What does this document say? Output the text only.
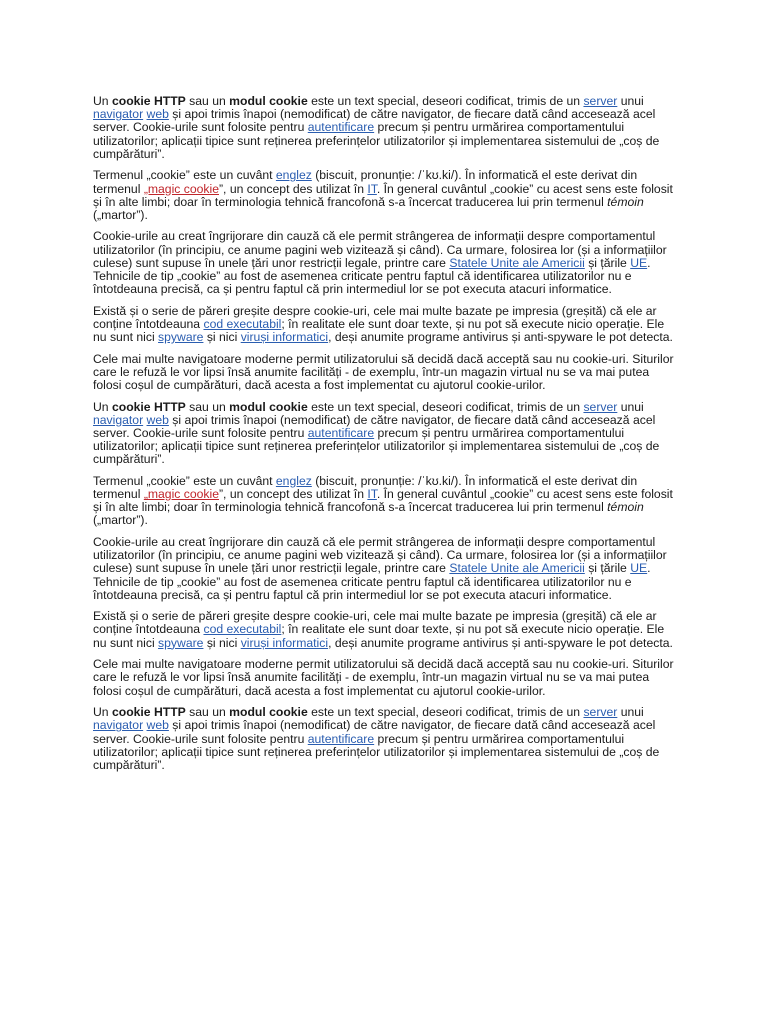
Un cookie HTTP sau un modul cookie este un text special, deseori codificat, trimis de un server unui navigator web și apoi trimis înapoi (nemodificat) de către navigator, de fiecare dată când accesează acel server. Cookie-urile sunt folosite pentru autentificare precum și pentru urmărirea comportamentului utilizatorilor; aplicații tipice sunt reținerea preferințelor utilizatorilor și implementarea sistemului de „coș de cumpărături”.

Termenul „cookie” este un cuvânt englez (biscuit, pronunție: /ˈkʊ.ki/). În informatică el este derivat din termenul „magic cookie”, un concept des utilizat în IT. În general cuvântul „cookie” cu acest sens este folosit și în alte limbi; doar în terminologia tehnică francofonă s-a încercat traducerea lui prin termenul témoin („martor”).

Cookie-urile au creat îngrijorare din cauză că ele permit strângerea de informații despre comportamentul utilizatorilor (în principiu, ce anume pagini web vizitează și când). Ca urmare, folosirea lor (și a informațiilor culese) sunt supuse în unele țări unor restricții legale, printre care Statele Unite ale Americii și țările UE. Tehnicile de tip „cookie” au fost de asemenea criticate pentru faptul că identificarea utilizatorilor nu e întotdeauna precisă, ca și pentru faptul că prin intermediul lor se pot executa atacuri informatice.

Există și o serie de păreri greșite despre cookie-uri, cele mai multe bazate pe impresia (greșită) că ele ar conține întotdeauna cod executabil; în realitate ele sunt doar texte, și nu pot să execute nicio operație. Ele nu sunt nici spyware și nici viruși informatici, deși anumite programe antivirus și anti-spyware le pot detecta.

Cele mai multe navigatoare moderne permit utilizatorului să decidă dacă acceptă sau nu cookie-uri. Siturilor care le refuză le vor lipsi însă anumite facilități - de exemplu, într-un magazin virtual nu se va mai putea folosi coșul de cumpărături, dacă acesta a fost implementat cu ajutorul cookie-urilor.

Un cookie HTTP sau un modul cookie este un text special, deseori codificat, trimis de un server unui navigator web și apoi trimis înapoi (nemodificat) de către navigator, de fiecare dată când accesează acel server. Cookie-urile sunt folosite pentru autentificare precum și pentru urmărirea comportamentului utilizatorilor; aplicații tipice sunt reținerea preferințelor utilizatorilor și implementarea sistemului de „coș de cumpărături”.

Termenul „cookie” este un cuvânt englez (biscuit, pronunție: /ˈkʊ.ki/). În informatică el este derivat din termenul „magic cookie”, un concept des utilizat în IT. În general cuvântul „cookie” cu acest sens este folosit și în alte limbi; doar în terminologia tehnică francofonă s-a încercat traducerea lui prin termenul témoin („martor”).

Cookie-urile au creat îngrijorare din cauză că ele permit strângerea de informații despre comportamentul utilizatorilor (în principiu, ce anume pagini web vizitează și când). Ca urmare, folosirea lor (și a informațiilor culese) sunt supuse în unele țări unor restricții legale, printre care Statele Unite ale Americii și țările UE. Tehnicile de tip „cookie” au fost de asemenea criticate pentru faptul că identificarea utilizatorilor nu e întotdeauna precisă, ca și pentru faptul că prin intermediul lor se pot executa atacuri informatice.

Există și o serie de păreri greșite despre cookie-uri, cele mai multe bazate pe impresia (greșită) că ele ar conține întotdeauna cod executabil; în realitate ele sunt doar texte, și nu pot să execute nicio operație. Ele nu sunt nici spyware și nici viruși informatici, deși anumite programe antivirus și anti-spyware le pot detecta.

Cele mai multe navigatoare moderne permit utilizatorului să decidă dacă acceptă sau nu cookie-uri. Siturilor care le refuză le vor lipsi însă anumite facilități - de exemplu, într-un magazin virtual nu se va mai putea folosi coșul de cumpărături, dacă acesta a fost implementat cu ajutorul cookie-urilor.

Un cookie HTTP sau un modul cookie este un text special, deseori codificat, trimis de un server unui navigator web și apoi trimis înapoi (nemodificat) de către navigator, de fiecare dată când accesează acel server. Cookie-urile sunt folosite pentru autentificare precum și pentru urmărirea comportamentului utilizatorilor; aplicații tipice sunt reținerea preferințelor utilizatorilor și implementarea sistemului de „coș de cumpărături”.
